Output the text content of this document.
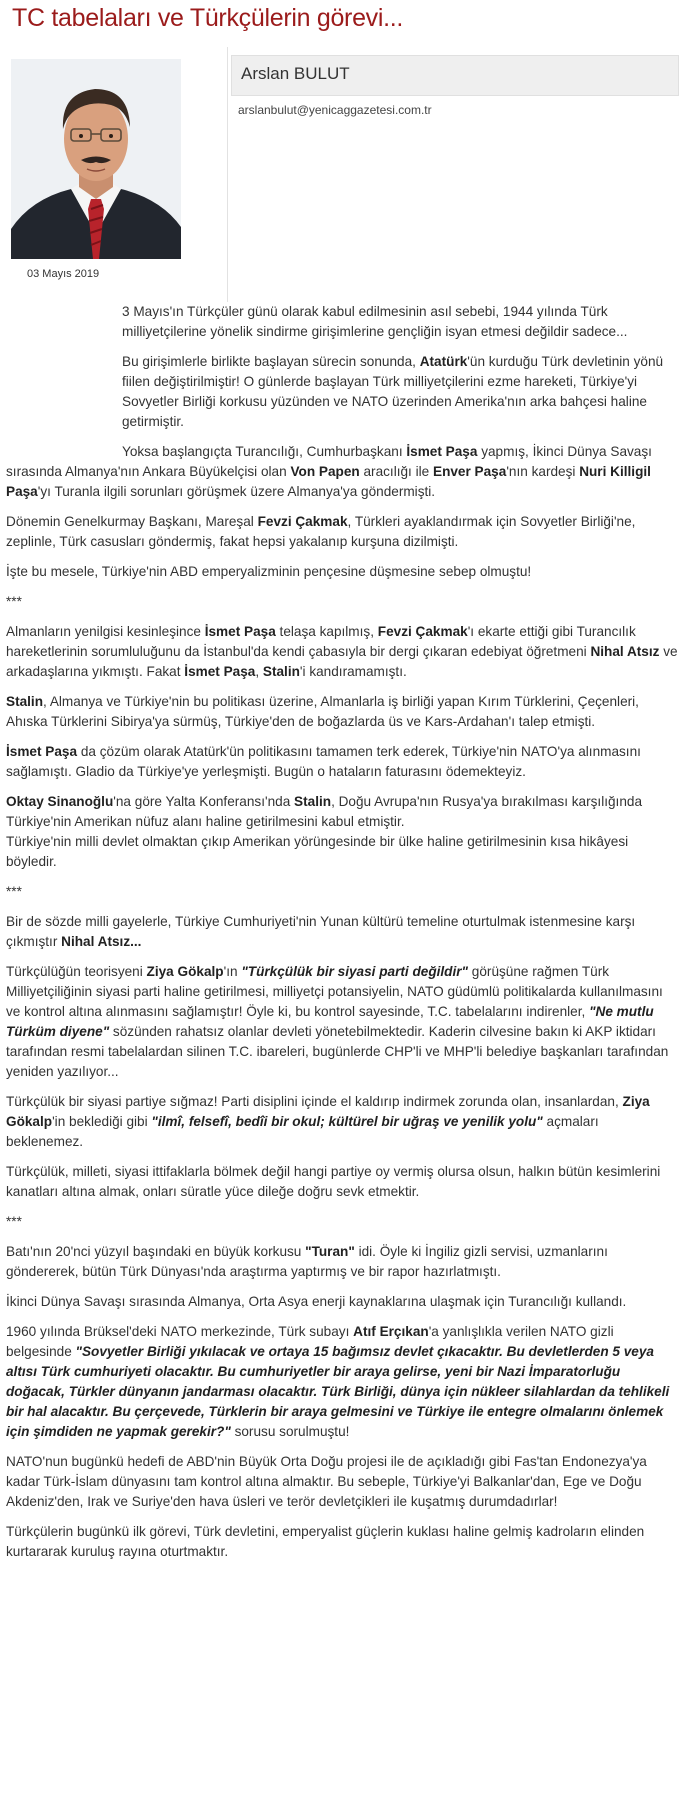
TC tabelaları ve Türkçülerin görevi...
03 Mayıs 2019
Arslan BULUT
arslanbulut@yenicaggazetesi.com.tr

3 Mayıs'ın Türkçüler günü olarak kabul edilmesinin asıl sebebi, 1944 yılında Türk milliyetçilerine yönelik sindirme girişimlerine gençliğin isyan etmesi değildir sadece...

Bu girişimlerle birlikte başlayan sürecin sonunda, Atatürk'ün kurduğu Türk devletinin yönü fiilen değiştirilmiştir! O günlerde başlayan Türk milliyetçilerini ezme hareketi, Türkiye'yi Sovyetler Birliği korkusu yüzünden ve NATO üzerinden Amerika'nın arka bahçesi haline getirmiştir.

Yoksa başlangıçta Turancılığı, Cumhurbaşkanı İsmet Paşa yapmış, İkinci Dünya Savaşı sırasında Almanya'nın Ankara Büyükelçisi olan Von Papen aracılığı ile Enver Paşa'nın kardeşi Nuri Killigil Paşa'yı Turanla ilgili sorunları görüşmek üzere Almanya'ya göndermişti.

Dönemin Genelkurmay Başkanı, Mareşal Fevzi Çakmak, Türkleri ayaklandırmak için Sovyetler Birliği'ne, zeplinle, Türk casusları göndermiş, fakat hepsi yakalanıp kurşuna dizilmişti.

İşte bu mesele, Türkiye'nin ABD emperyalizminin pençesine düşmesine sebep olmuştu!

***

Almanların yenilgisi kesinleşince İsmet Paşa telaşa kapılmış, Fevzi Çakmak'ı ekarte ettiği gibi Turancılık hareketlerinin sorumluluğunu da İstanbul'da kendi çabasıyla bir dergi çıkaran edebiyat öğretmeni Nihal Atsız ve arkadaşlarına yıkmıştı. Fakat İsmet Paşa, Stalin'i kandıramamıştı.

Stalin, Almanya ve Türkiye'nin bu politikası üzerine, Almanlarla iş birliği yapan Kırım Türklerini, Çeçenleri, Ahıska Türklerini Sibirya'ya sürmüş, Türkiye'den de boğazlarda üs ve Kars-Ardahan'ı talep etmişti.

İsmet Paşa da çözüm olarak Atatürk'ün politikasını tamamen terk ederek, Türkiye'nin NATO'ya alınmasını sağlamıştı. Gladio da Türkiye'ye yerleşmişti. Bugün o hataların faturasını ödemekteyiz.

Oktay Sinanoğlu'na göre Yalta Konferansı'nda Stalin, Doğu Avrupa'nın Rusya'ya bırakılması karşılığında Türkiye'nin Amerikan nüfuz alanı haline getirilmesini kabul etmiştir.
Türkiye'nin milli devlet olmaktan çıkıp Amerikan yörüngesinde bir ülke haline getirilmesinin kısa hikâyesi böyledir.

***

Bir de sözde milli gayelerle, Türkiye Cumhuriyeti'nin Yunan kültürü temeline oturtulmak istenmesine karşı çıkmıştır Nihal Atsız...

Türkçülüğün teorisyeni Ziya Gökalp'ın "Türkçülük bir siyasi parti değildir" görüşüne rağmen Türk Milliyetçiliğinin siyasi parti haline getirilmesi, milliyetçi potansiyelin, NATO güdümlü politikalarda kullanılmasını ve kontrol altına alınmasını sağlamıştır! Öyle ki, bu kontrol sayesinde, T.C. tabelalarını indirenler, "Ne mutlu Türküm diyene" sözünden rahatsız olanlar devleti yönetebilmektedir. Kaderin cilvesine bakın ki AKP iktidarı tarafından resmi tabelalardan silinen T.C. ibareleri, bugünlerde CHP'li ve MHP'li belediye başkanları tarafından yeniden yazılıyor...

Türkçülük bir siyasi partiye sığmaz! Parti disiplini içinde el kaldırıp indirmek zorunda olan, insanlardan, Ziya Gökalp'in beklediği gibi "ilmî, felsefî, bedîi bir okul; kültürel bir uğraş ve yenilik yolu" açmaları beklenemez.

Türkçülük, milleti, siyasi ittifaklarla bölmek değil hangi partiye oy vermiş olursa olsun, halkın bütün kesimlerini kanatları altına almak, onları süratle yüce dileğe doğru sevk etmektir.

***

Batı'nın 20'nci yüzyıl başındaki en büyük korkusu "Turan" idi. Öyle ki İngiliz gizli servisi, uzmanlarını göndererek, bütün Türk Dünyası'nda araştırma yaptırmış ve bir rapor hazırlatmıştı.

İkinci Dünya Savaşı sırasında Almanya, Orta Asya enerji kaynaklarına ulaşmak için Turancılığı kullandı.

1960 yılında Brüksel'deki NATO merkezinde, Türk subayı Atıf Erçıkan'a yanlışlıkla verilen NATO gizli belgesinde "Sovyetler Birliği yıkılacak ve ortaya 15 bağımsız devlet çıkacaktır. Bu devletlerden 5 veya altısı Türk cumhuriyeti olacaktır. Bu cumhuriyetler bir araya gelirse, yeni bir Nazi İmparatorluğu doğacak, Türkler dünyanın jandarması olacaktır. Türk Birliği, dünya için nükleer silahlardan da tehlikeli bir hal alacaktır. Bu çerçevede, Türklerin bir araya gelmesini ve Türkiye ile entegre olmalarını önlemek için şimdiden ne yapmak gerekir?" sorusu sorulmuştu!

NATO'nun bugünkü hedefi de ABD'nin Büyük Orta Doğu projesi ile de açıkladığı gibi Fas'tan Endonezya'ya kadar Türk-İslam dünyasını tam kontrol altına almaktır. Bu sebeple, Türkiye'yi Balkanlar'dan, Ege ve Doğu Akdeniz'den, Irak ve Suriye'den hava üsleri ve terör devletçikleri ile kuşatmış durumdadırlar!

Türkçülerin bugünkü ilk görevi, Türk devletini, emperyalist güçlerin kuklası haline gelmiş kadroların elinden kurtararak kuruluş rayına oturtmaktır.
